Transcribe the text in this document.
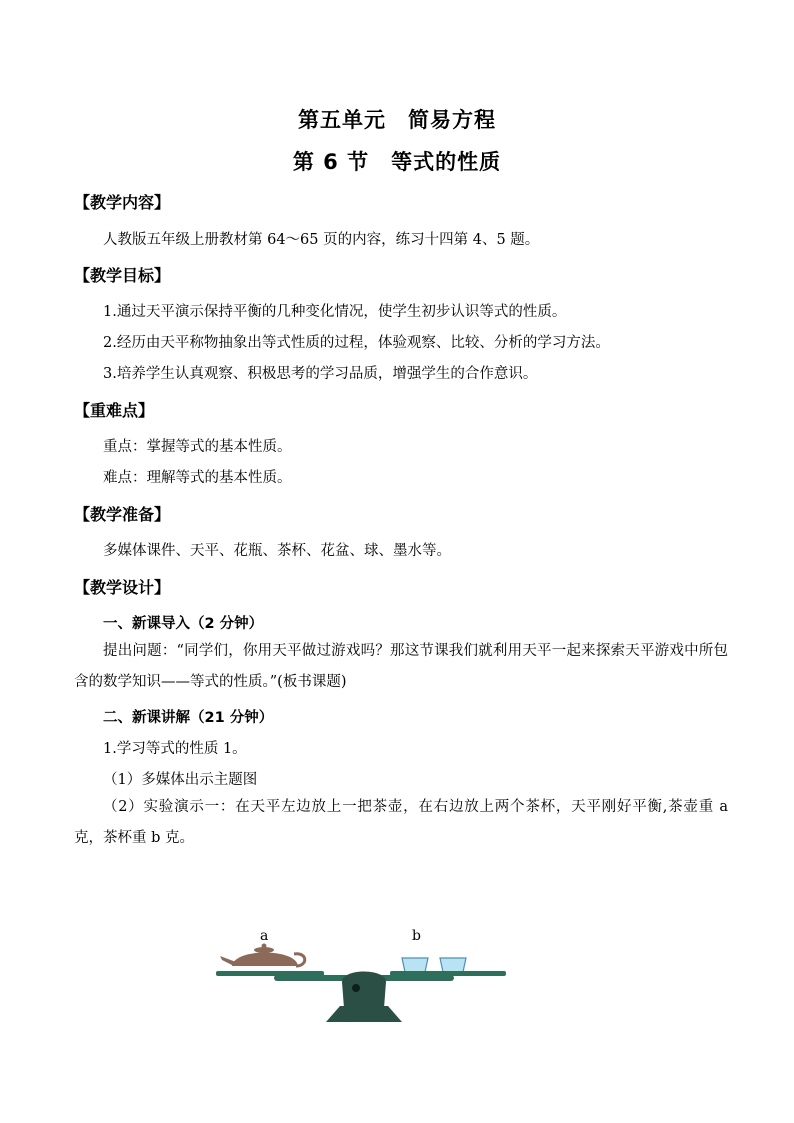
第五单元　简易方程
第 6 节　等式的性质
【教学内容】
人教版五年级上册教材第 64～65 页的内容，练习十四第 4、5 题。
【教学目标】
1.通过天平演示保持平衡的几种变化情况，使学生初步认识等式的性质。
2.经历由天平称物抽象出等式性质的过程，体验观察、比较、分析的学习方法。
3.培养学生认真观察、积极思考的学习品质，增强学生的合作意识。
【重难点】
重点：掌握等式的基本性质。
难点：理解等式的基本性质。
【教学准备】
多媒体课件、天平、花瓶、茶杯、花盆、球、墨水等。
【教学设计】
一、新课导入（2 分钟）
提出问题：“同学们，你用天平做过游戏吗？那这节课我们就利用天平一起来探索天平游戏中所包含的数学知识——等式的性质。”(板书课题)
二、新课讲解（21 分钟）
1.学习等式的性质 1。
（1）多媒体出示主题图
（2）实验演示一：在天平左边放上一把茶壶，在右边放上两个茶杯，天平刚好平衡,茶壶重 a 克，茶杯重 b 克。
a	b
